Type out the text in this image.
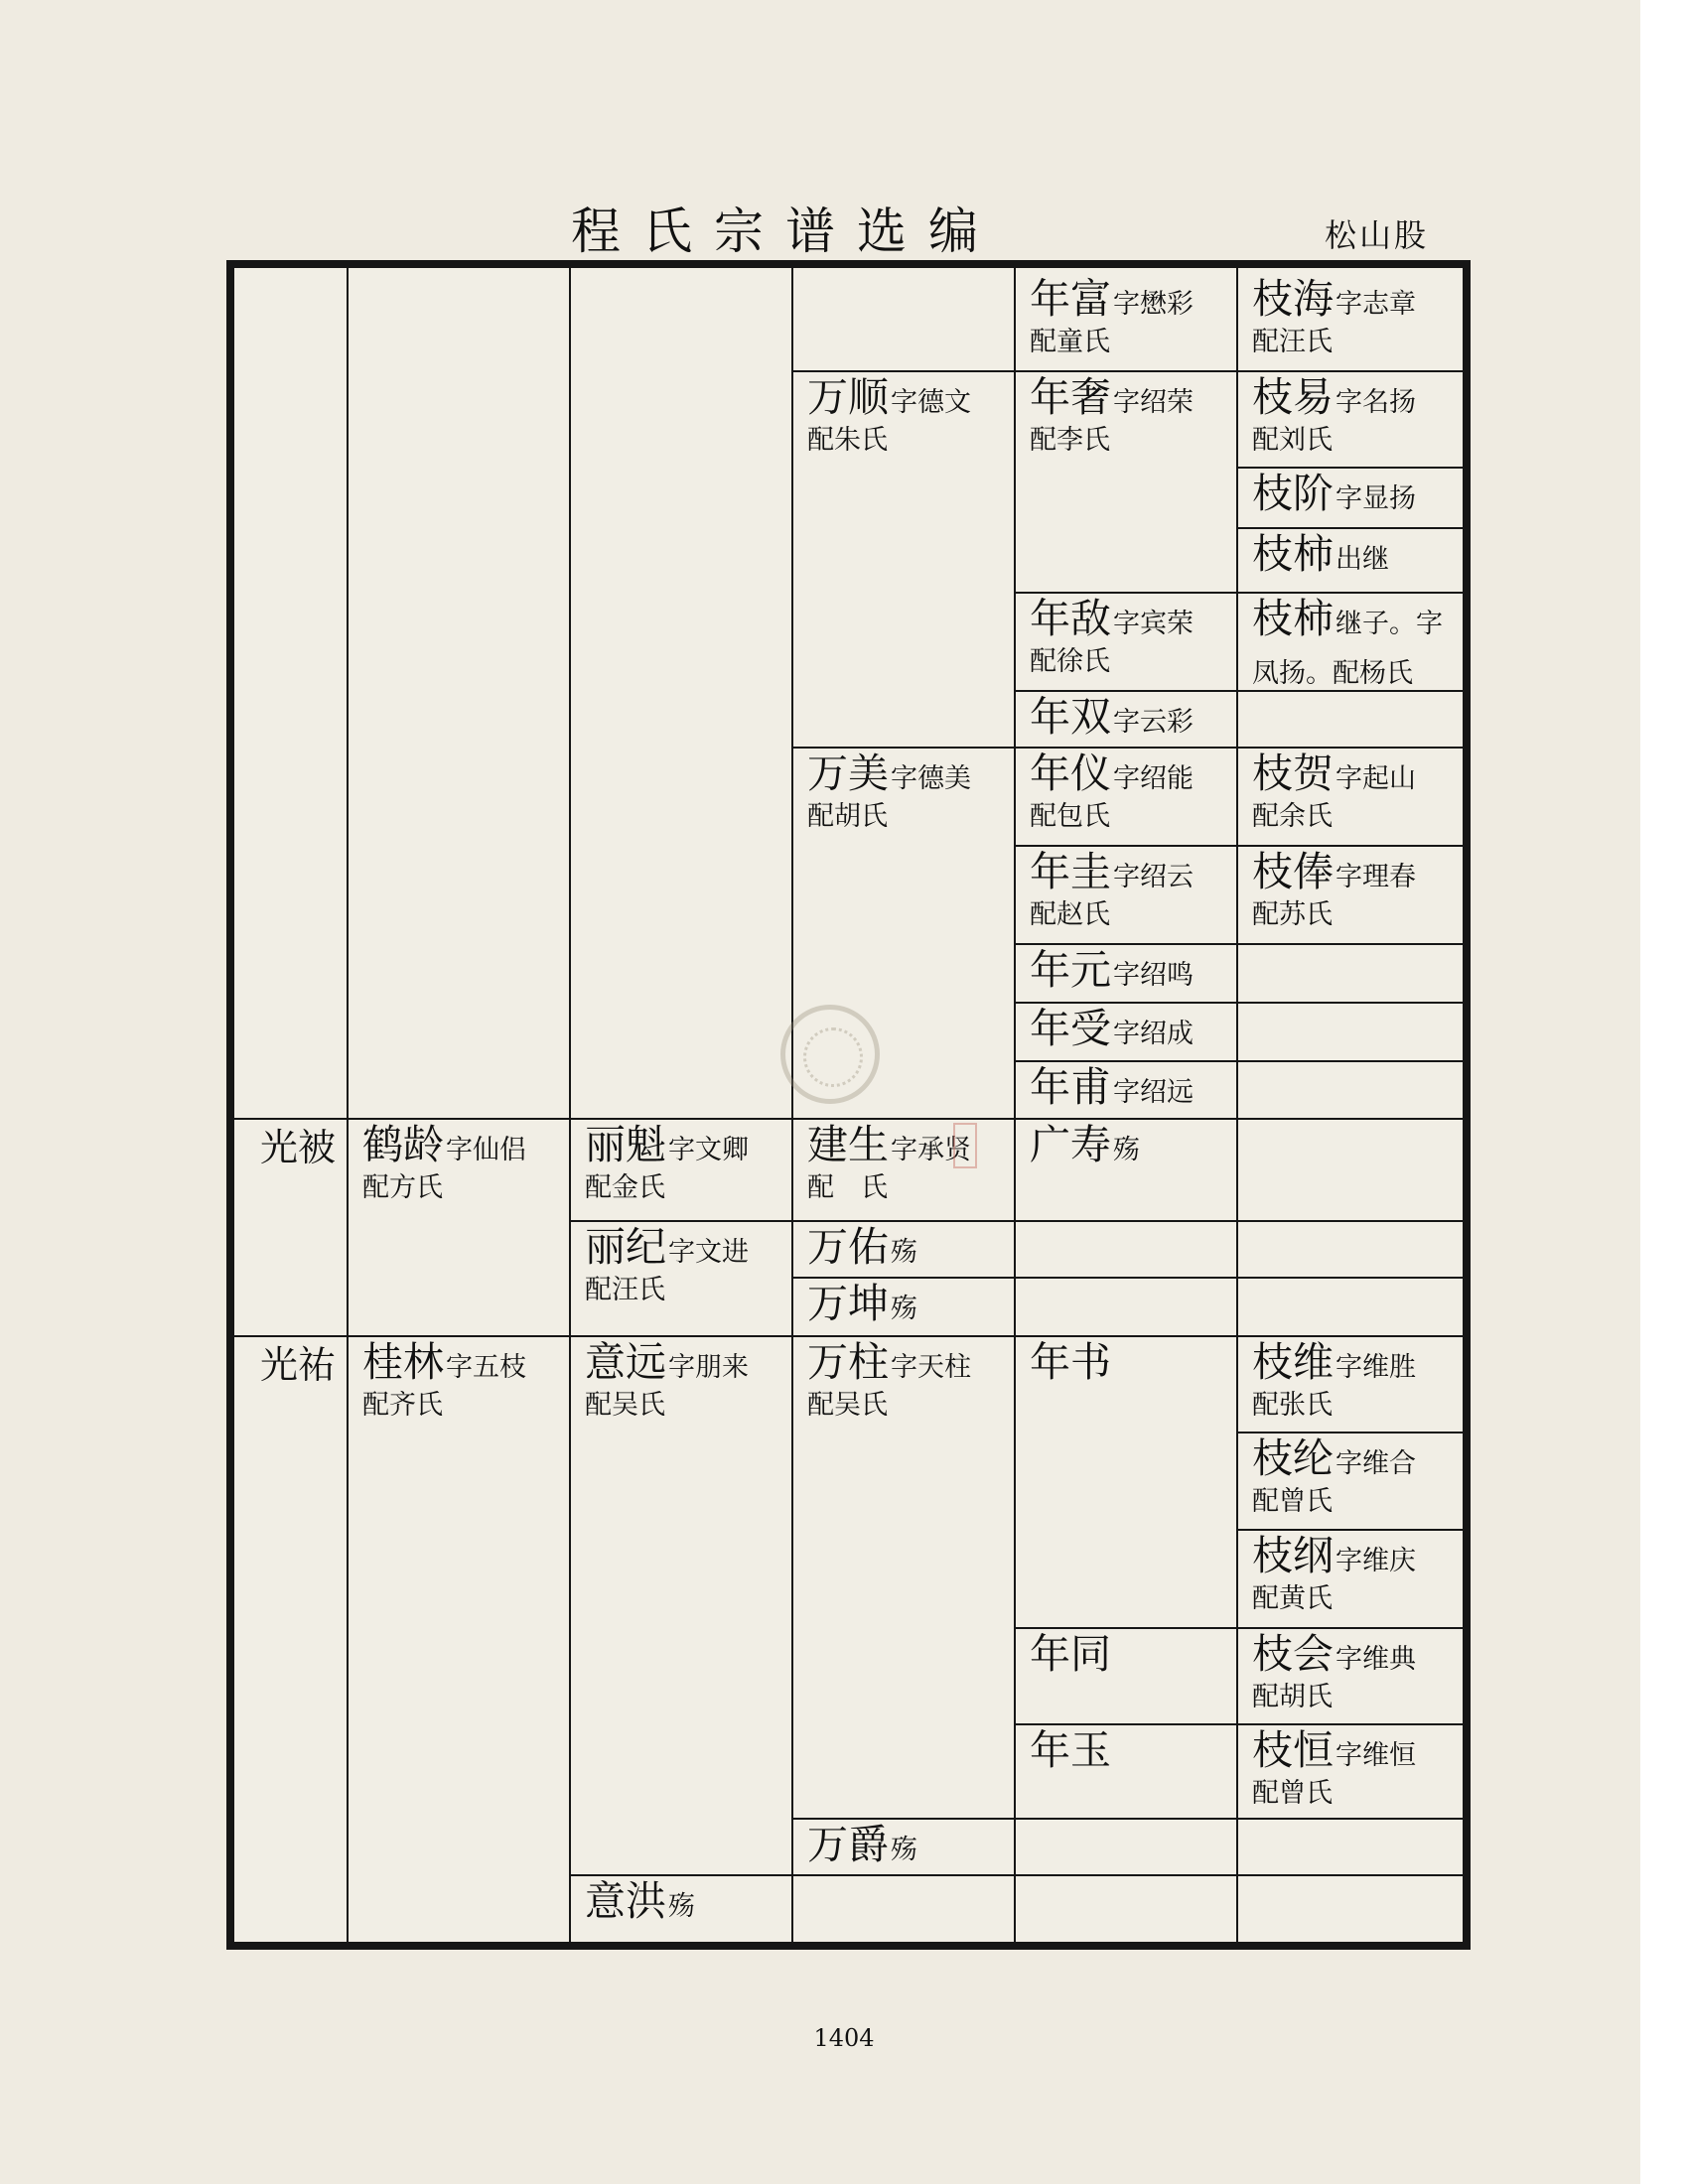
程氏宗谱选编	松山股
光被
光祐
鹤龄字仙侣
配方氏
桂林字五枝
配齐氏
丽魁字文卿
配金氏
丽纪字文进
配汪氏
意远字朋来
配吴氏
意洪殇
万顺字德文
配朱氏
万美字德美
配胡氏
建生字承贤
配　氏
万佑殇
万坤殇
万柱字天柱
配吴氏
万爵殇
年富字懋彩
配童氏
年奢字绍荣
配李氏
年敌字宾荣
配徐氏
年双字云彩
年仪字绍能
配包氏
年圭字绍云
配赵氏
年元字绍鸣
年受字绍成
年甫字绍远
广寿殇
年书
年同
年玉
枝海字志章
配汪氏
枝易字名扬
配刘氏
枝阶字显扬
枝柿出继
枝柿继子。字凤扬。配杨氏
枝贺字起山
配余氏
枝俸字理春
配苏氏
枝维字维胜
配张氏
枝纶字维合
配曾氏
枝纲字维庆
配黄氏
枝会字维典
配胡氏
枝恒字维恒
配曾氏
1404
